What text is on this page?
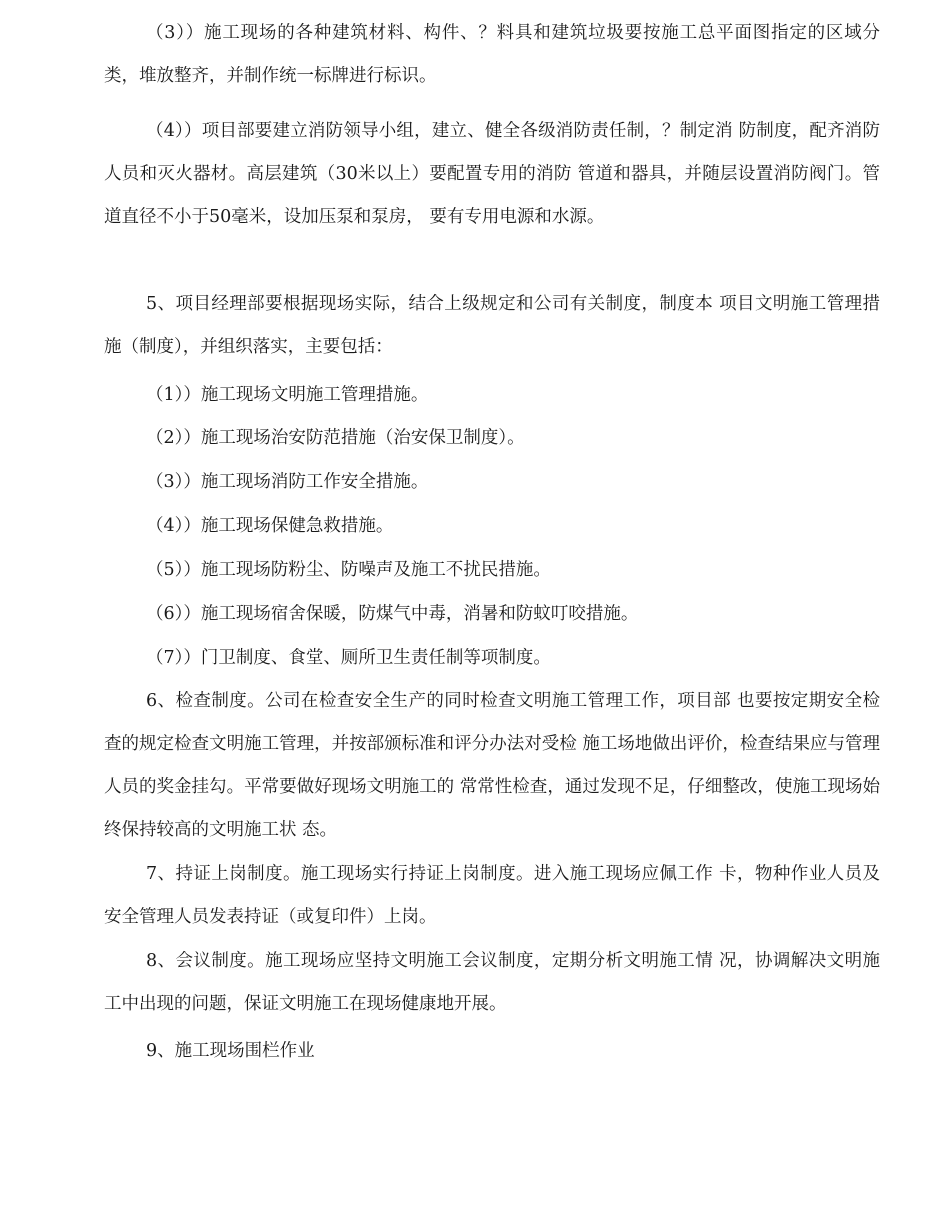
（3））施工现场的各种建筑材料、构件、？料具和建筑垃圾要按施工总平面图指定的区域分类，堆放整齐，并制作统一标牌进行标识。

（4））项目部要建立消防领导小组，建立、健全各级消防责任制，？制定消 防制度，配齐消防人员和灭火器材。高层建筑（30米以上）要配置专用的消防 管道和器具，并随层设置消防阀门。管道直径不小于50毫米，设加压泵和泵房， 要有专用电源和水源。

5、项目经理部要根据现场实际，结合上级规定和公司有关制度，制度本 项目文明施工管理措施（制度），并组织落实，主要包括：

（1））施工现场文明施工管理措施。

（2））施工现场治安防范措施（治安保卫制度）。

（3））施工现场消防工作安全措施。

（4））施工现场保健急救措施。

（5））施工现场防粉尘、防噪声及施工不扰民措施。

（6））施工现场宿舍保暖，防煤气中毒，消暑和防蚊叮咬措施。

（7））门卫制度、食堂、厕所卫生责任制等项制度。

6、检查制度。公司在检查安全生产的同时检查文明施工管理工作，项目部 也要按定期安全检查的规定检查文明施工管理，并按部颁标准和评分办法对受检 施工场地做出评价，检查结果应与管理人员的奖金挂勾。平常要做好现场文明施工的 常常性检查，通过发现不足，仔细整改，使施工现场始终保持较高的文明施工状 态。

7、持证上岗制度。施工现场实行持证上岗制度。进入施工现场应佩工作 卡，物种作业人员及安全管理人员发表持证（或复印件）上岗。

8、会议制度。施工现场应坚持文明施工会议制度，定期分析文明施工情 况，协调解决文明施工中出现的问题，保证文明施工在现场健康地开展。

9、施工现场围栏作业
